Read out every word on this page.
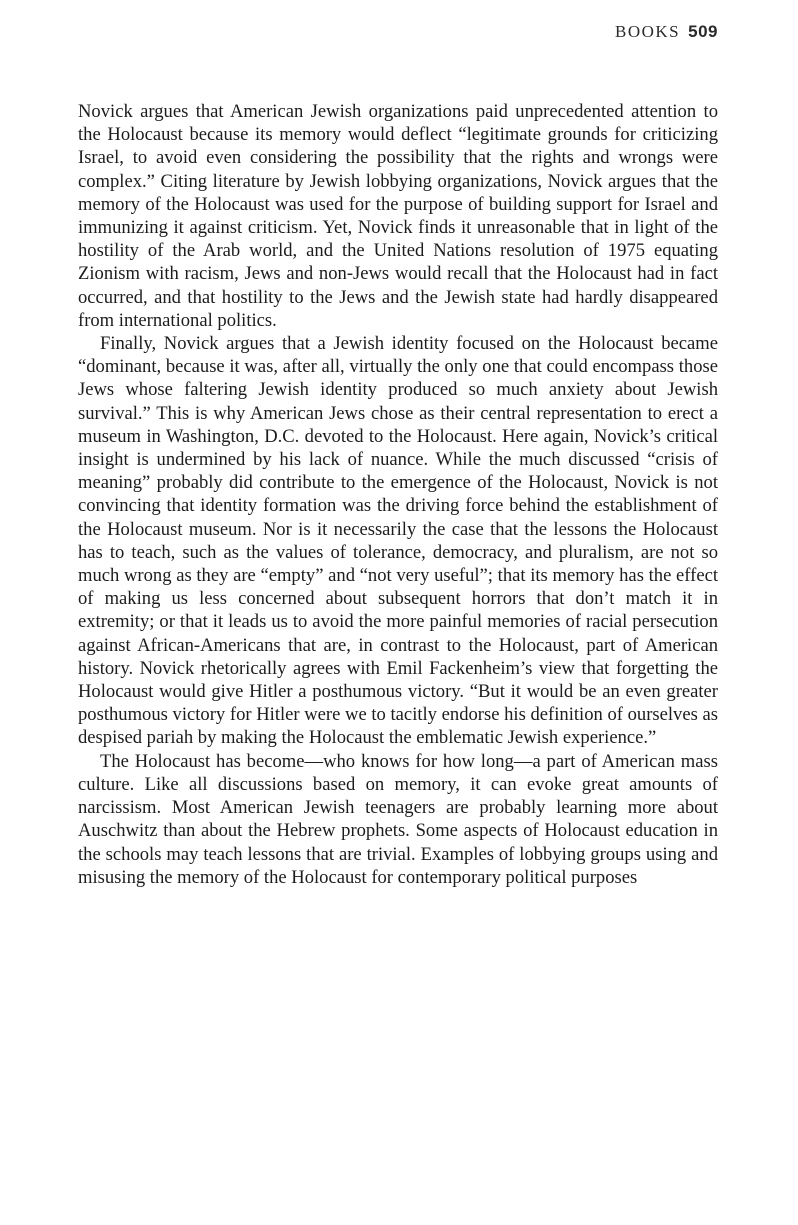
BOOKS 509

Novick argues that American Jewish organizations paid unprecedented attention to the Holocaust because its memory would deflect “legitimate grounds for criticizing Israel, to avoid even considering the possibility that the rights and wrongs were complex.” Citing literature by Jewish lobbying organizations, Novick argues that the memory of the Holocaust was used for the purpose of building support for Israel and immunizing it against criticism. Yet, Novick finds it unreasonable that in light of the hostility of the Arab world, and the United Nations resolution of 1975 equating Zionism with racism, Jews and non-Jews would recall that the Holocaust had in fact occurred, and that hostility to the Jews and the Jewish state had hardly disappeared from international politics.

Finally, Novick argues that a Jewish identity focused on the Holocaust became “dominant, because it was, after all, virtually the only one that could encompass those Jews whose faltering Jewish identity produced so much anxiety about Jewish survival.” This is why American Jews chose as their central representation to erect a museum in Washington, D.C. devoted to the Holocaust. Here again, Novick’s critical insight is undermined by his lack of nuance. While the much discussed “crisis of meaning” probably did contribute to the emergence of the Holocaust, Novick is not convincing that identity formation was the driving force behind the establishment of the Holocaust museum. Nor is it necessarily the case that the lessons the Holocaust has to teach, such as the values of tolerance, democracy, and pluralism, are not so much wrong as they are “empty” and “not very useful”; that its memory has the effect of making us less concerned about subsequent horrors that don’t match it in extremity; or that it leads us to avoid the more painful memories of racial persecution against African-Americans that are, in contrast to the Holocaust, part of American history. Novick rhetorically agrees with Emil Fackenheim’s view that forgetting the Holocaust would give Hitler a posthumous victory. “But it would be an even greater posthumous victory for Hitler were we to tacitly endorse his definition of ourselves as despised pariah by making the Holocaust the emblematic Jewish experience.”

The Holocaust has become—who knows for how long—a part of American mass culture. Like all discussions based on memory, it can evoke great amounts of narcissism. Most American Jewish teenagers are probably learning more about Auschwitz than about the Hebrew prophets. Some aspects of Holocaust education in the schools may teach lessons that are trivial. Examples of lobbying groups using and misusing the memory of the Holocaust for contemporary political purposes
